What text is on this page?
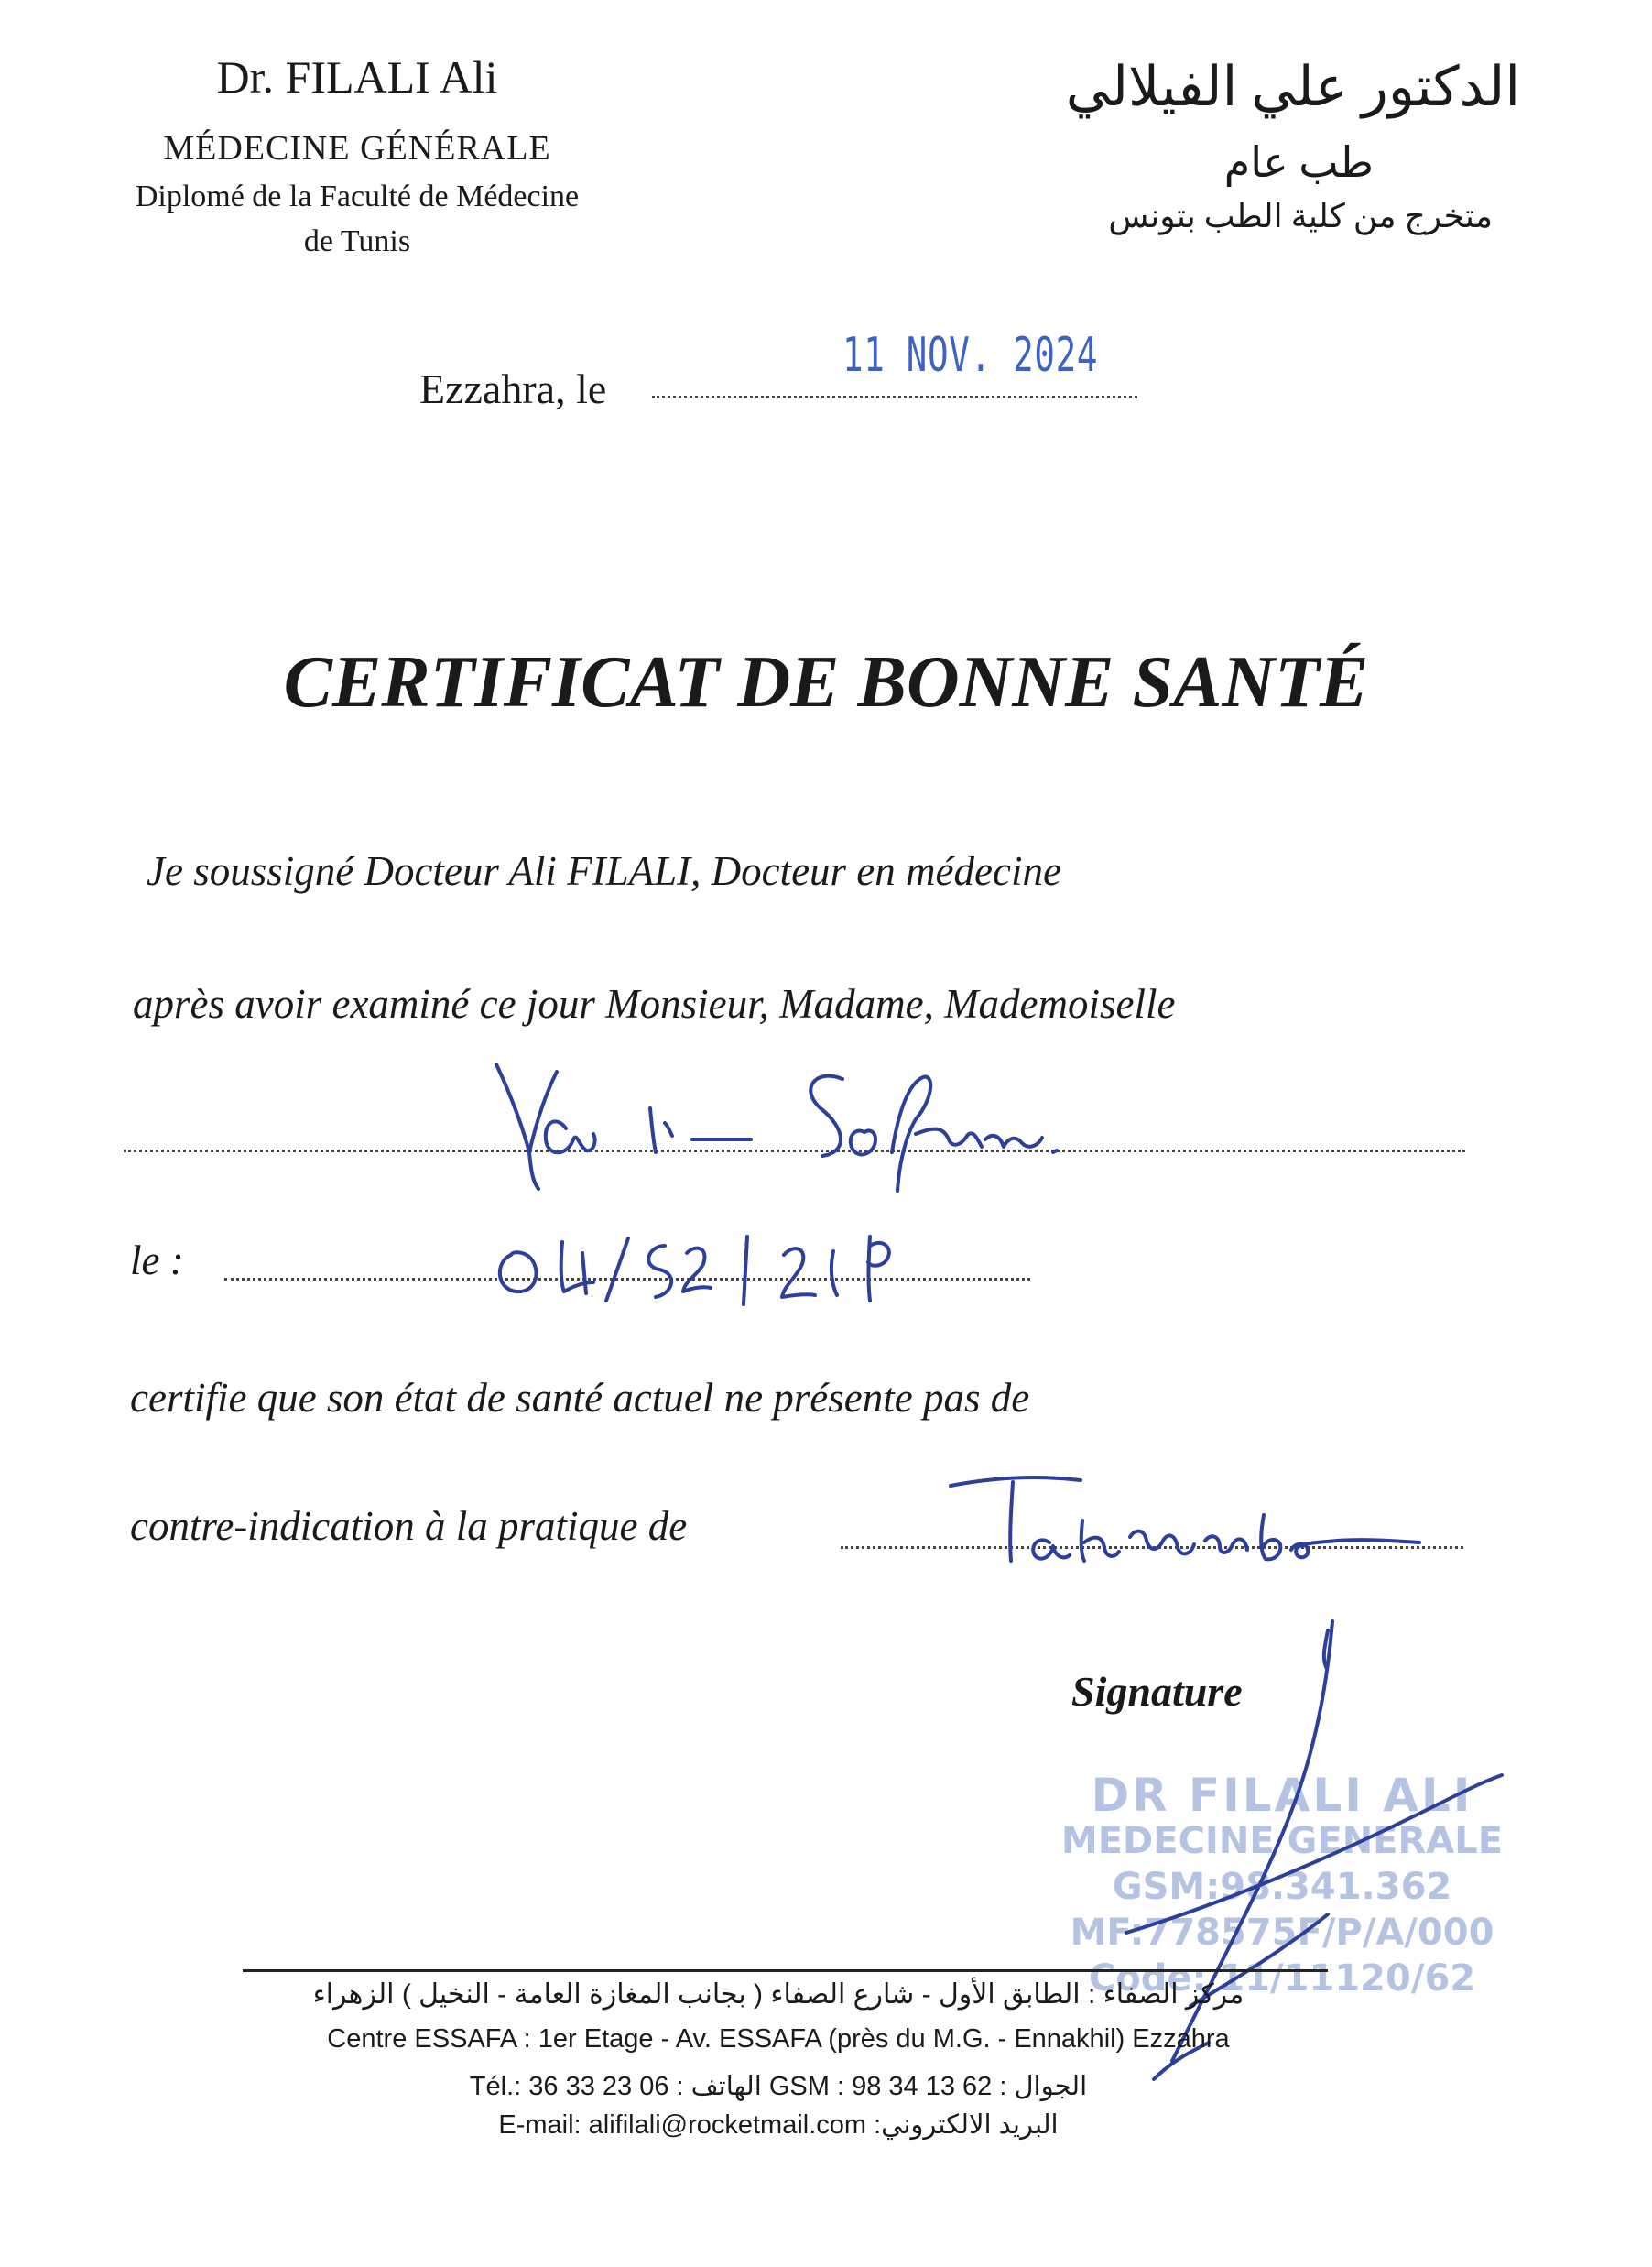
Dr. FILALI Ali
MÉDECINE GÉNÉRALE
Diplomé de la Faculté de Médecine
de Tunis
الدكتور علي الفيلالي
طب عام
متخرج من كلية الطب بتونس
Ezzahra, le
11 NOV. 2024
CERTIFICAT DE BONNE SANTÉ
Je soussigné Docteur Ali FILALI, Docteur en médecine
après avoir examiné ce jour Monsieur, Madame, Mademoiselle
le :
certifie que son état de santé actuel ne présente pas de
contre-indication à la pratique de
Signature
DR FILALI ALI
MEDECINE GENERALE
GSM:98.341.362
MF:778575F/P/A/000
Code: 11/11120/62
مركز الصفاء : الطابق الأول - شارع الصفاء ( بجانب المغازة العامة - النخيل ) الزهراء
Centre ESSAFA : 1er Etage - Av. ESSAFA (près du M.G. - Ennakhil) Ezzahra
Tél.: 36 33 23 06 : الهاتف GSM : 98 34 13 62 : الجوال
E-mail: alifilali@rocketmail.com :البريد الالكتروني
